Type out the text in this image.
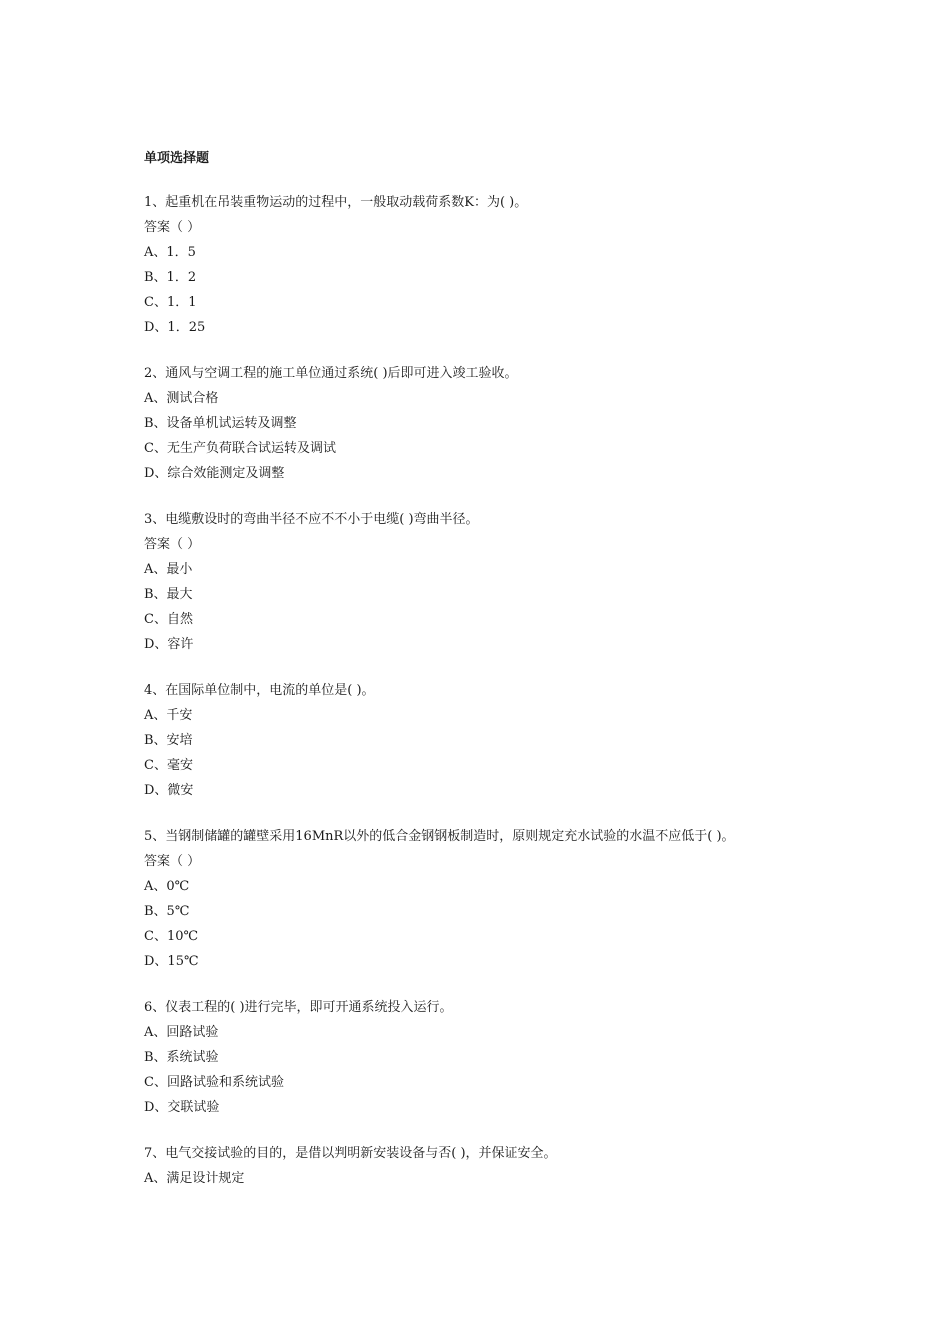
单项选择题
1、起重机在吊装重物运动的过程中，一般取动载荷系数K：为( )。
答案（ ）
A、1．5
B、1．2
C、1．1
D、1．25
2、通风与空调工程的施工单位通过系统( )后即可进入竣工验收。
A、测试合格
B、设备单机试运转及调整
C、无生产负荷联合试运转及调试
D、综合效能测定及调整
3、电缆敷设时的弯曲半径不应不不小于电缆( )弯曲半径。
答案（ ）
A、最小
B、最大
C、自然
D、容许
4、在国际单位制中，电流的单位是( )。
A、千安
B、安培
C、毫安
D、微安
5、当钢制储罐的罐壁采用16MnR以外的低合金钢钢板制造时，原则规定充水试验的水温不应低于( )。
答案（ ）
A、0℃
B、5℃
C、10℃
D、15℃
6、仪表工程的( )进行完毕，即可开通系统投入运行。
A、回路试验
B、系统试验
C、回路试验和系统试验
D、交联试验
7、电气交接试验的目的，是借以判明新安装设备与否( )，并保证安全。
A、满足设计规定
